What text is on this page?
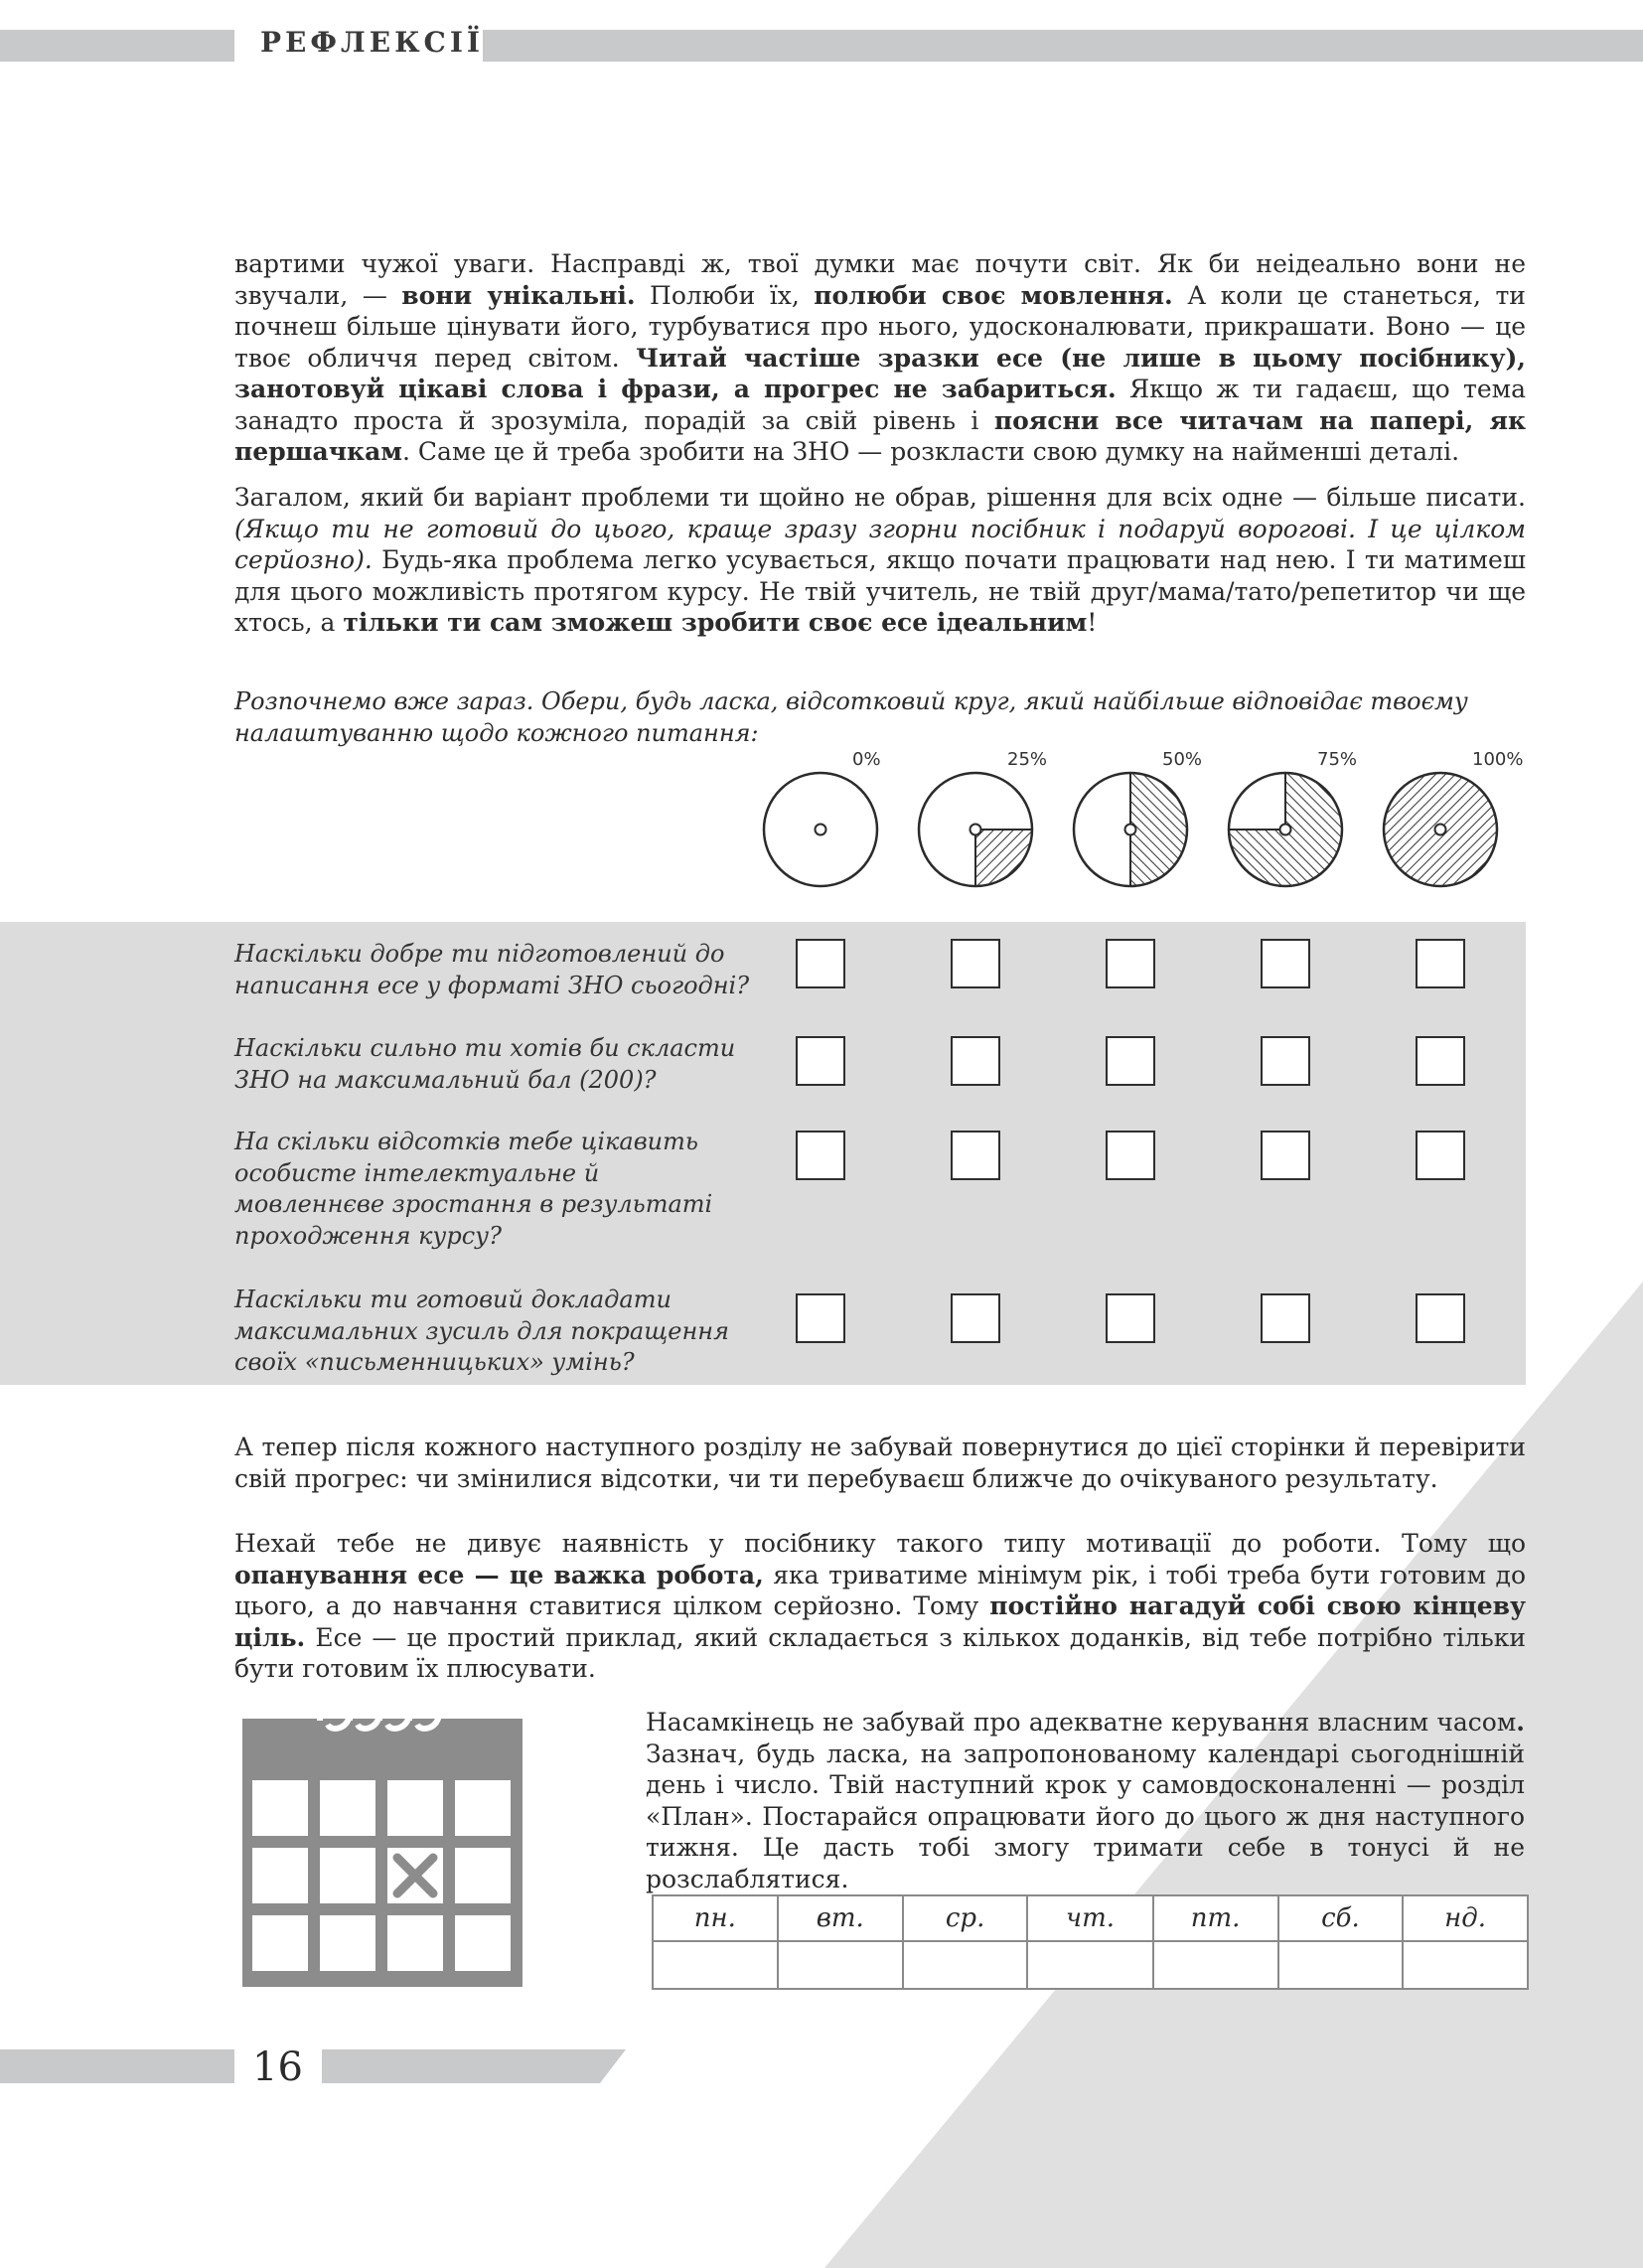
РЕФЛЕКСІЇ
вартими чужої уваги. Насправді ж, твої думки має почути світ. Як би неідеально вони не звучали, — вони унікальні. Полюби їх, полюби своє мовлення. А коли це станеться, ти почнеш більше цінувати його, турбуватися про нього, удосконалювати, прикрашати. Воно — це твоє обличчя перед світом. Читай частіше зразки есе (не лише в цьому посібнику), занотовуй цікаві слова і фрази, а прогрес не забариться. Якщо ж ти гадаєш, що тема занадто проста й зрозуміла, порадій за свій рівень і поясни все читачам на папері, як першачкам. Саме це й треба зробити на ЗНО — розкласти свою думку на найменші деталі.
Загалом, який би варіант проблеми ти щойно не обрав, рішення для всіх одне — більше писати. (Якщо ти не готовий до цього, краще зразу згорни посібник і подаруй ворогові. І це цілком серйозно). Будь-яка проблема легко усувається, якщо почати працювати над нею. І ти матимеш для цього можливість протягом курсу. Не твій учитель, не твій друг/мама/тато/репетитор чи ще хтось, а тільки ти сам зможеш зробити своє есе ідеальним!
Розпочнемо вже зараз. Обери, будь ласка, відсотковий круг, який найбільше відповідає твоєму налаштуванню щодо кожного питання:
0%	25%	50%	75%	100%
Наскільки добре ти підготовлений до написання есе у форматі ЗНО сьогодні?
Наскільки сильно ти хотів би скласти ЗНО на максимальний бал (200)?
На скільки відсотків тебе цікавить особисте інтелектуальне й мовленнєве зростання в результаті проходження курсу?
Наскільки ти готовий докладати максимальних зусиль для покращення своїх «письменницьких» умінь?
А тепер після кожного наступного розділу не забувай повернутися до цієї сторінки й перевірити свій прогрес: чи змінилися відсотки, чи ти перебуваєш ближче до очікуваного результату.
Нехай тебе не дивує наявність у посібнику такого типу мотивації до роботи. Тому що опанування есе — це важка робота, яка триватиме мінімум рік, і тобі треба бути готовим до цього, а до навчання ставитися цілком серйозно. Тому постійно нагадуй собі свою кінцеву ціль. Есе — це простий приклад, який складається з кількох доданків, від тебе потрібно тільки бути готовим їх плюсувати.
Насамкінець не забувай про адекватне керування власним часом. Зазнач, будь ласка, на запропонованому календарі сьогоднішній день і число. Твій наступний крок у самовдосконаленні — розділ «План». Постарайся опрацювати його до цього ж дня наступного тижня. Це дасть тобі змогу тримати себе в тонусі й не розслаблятися.
пн.	вт.	ср.	чт.	пт.	сб.	нд.

16
